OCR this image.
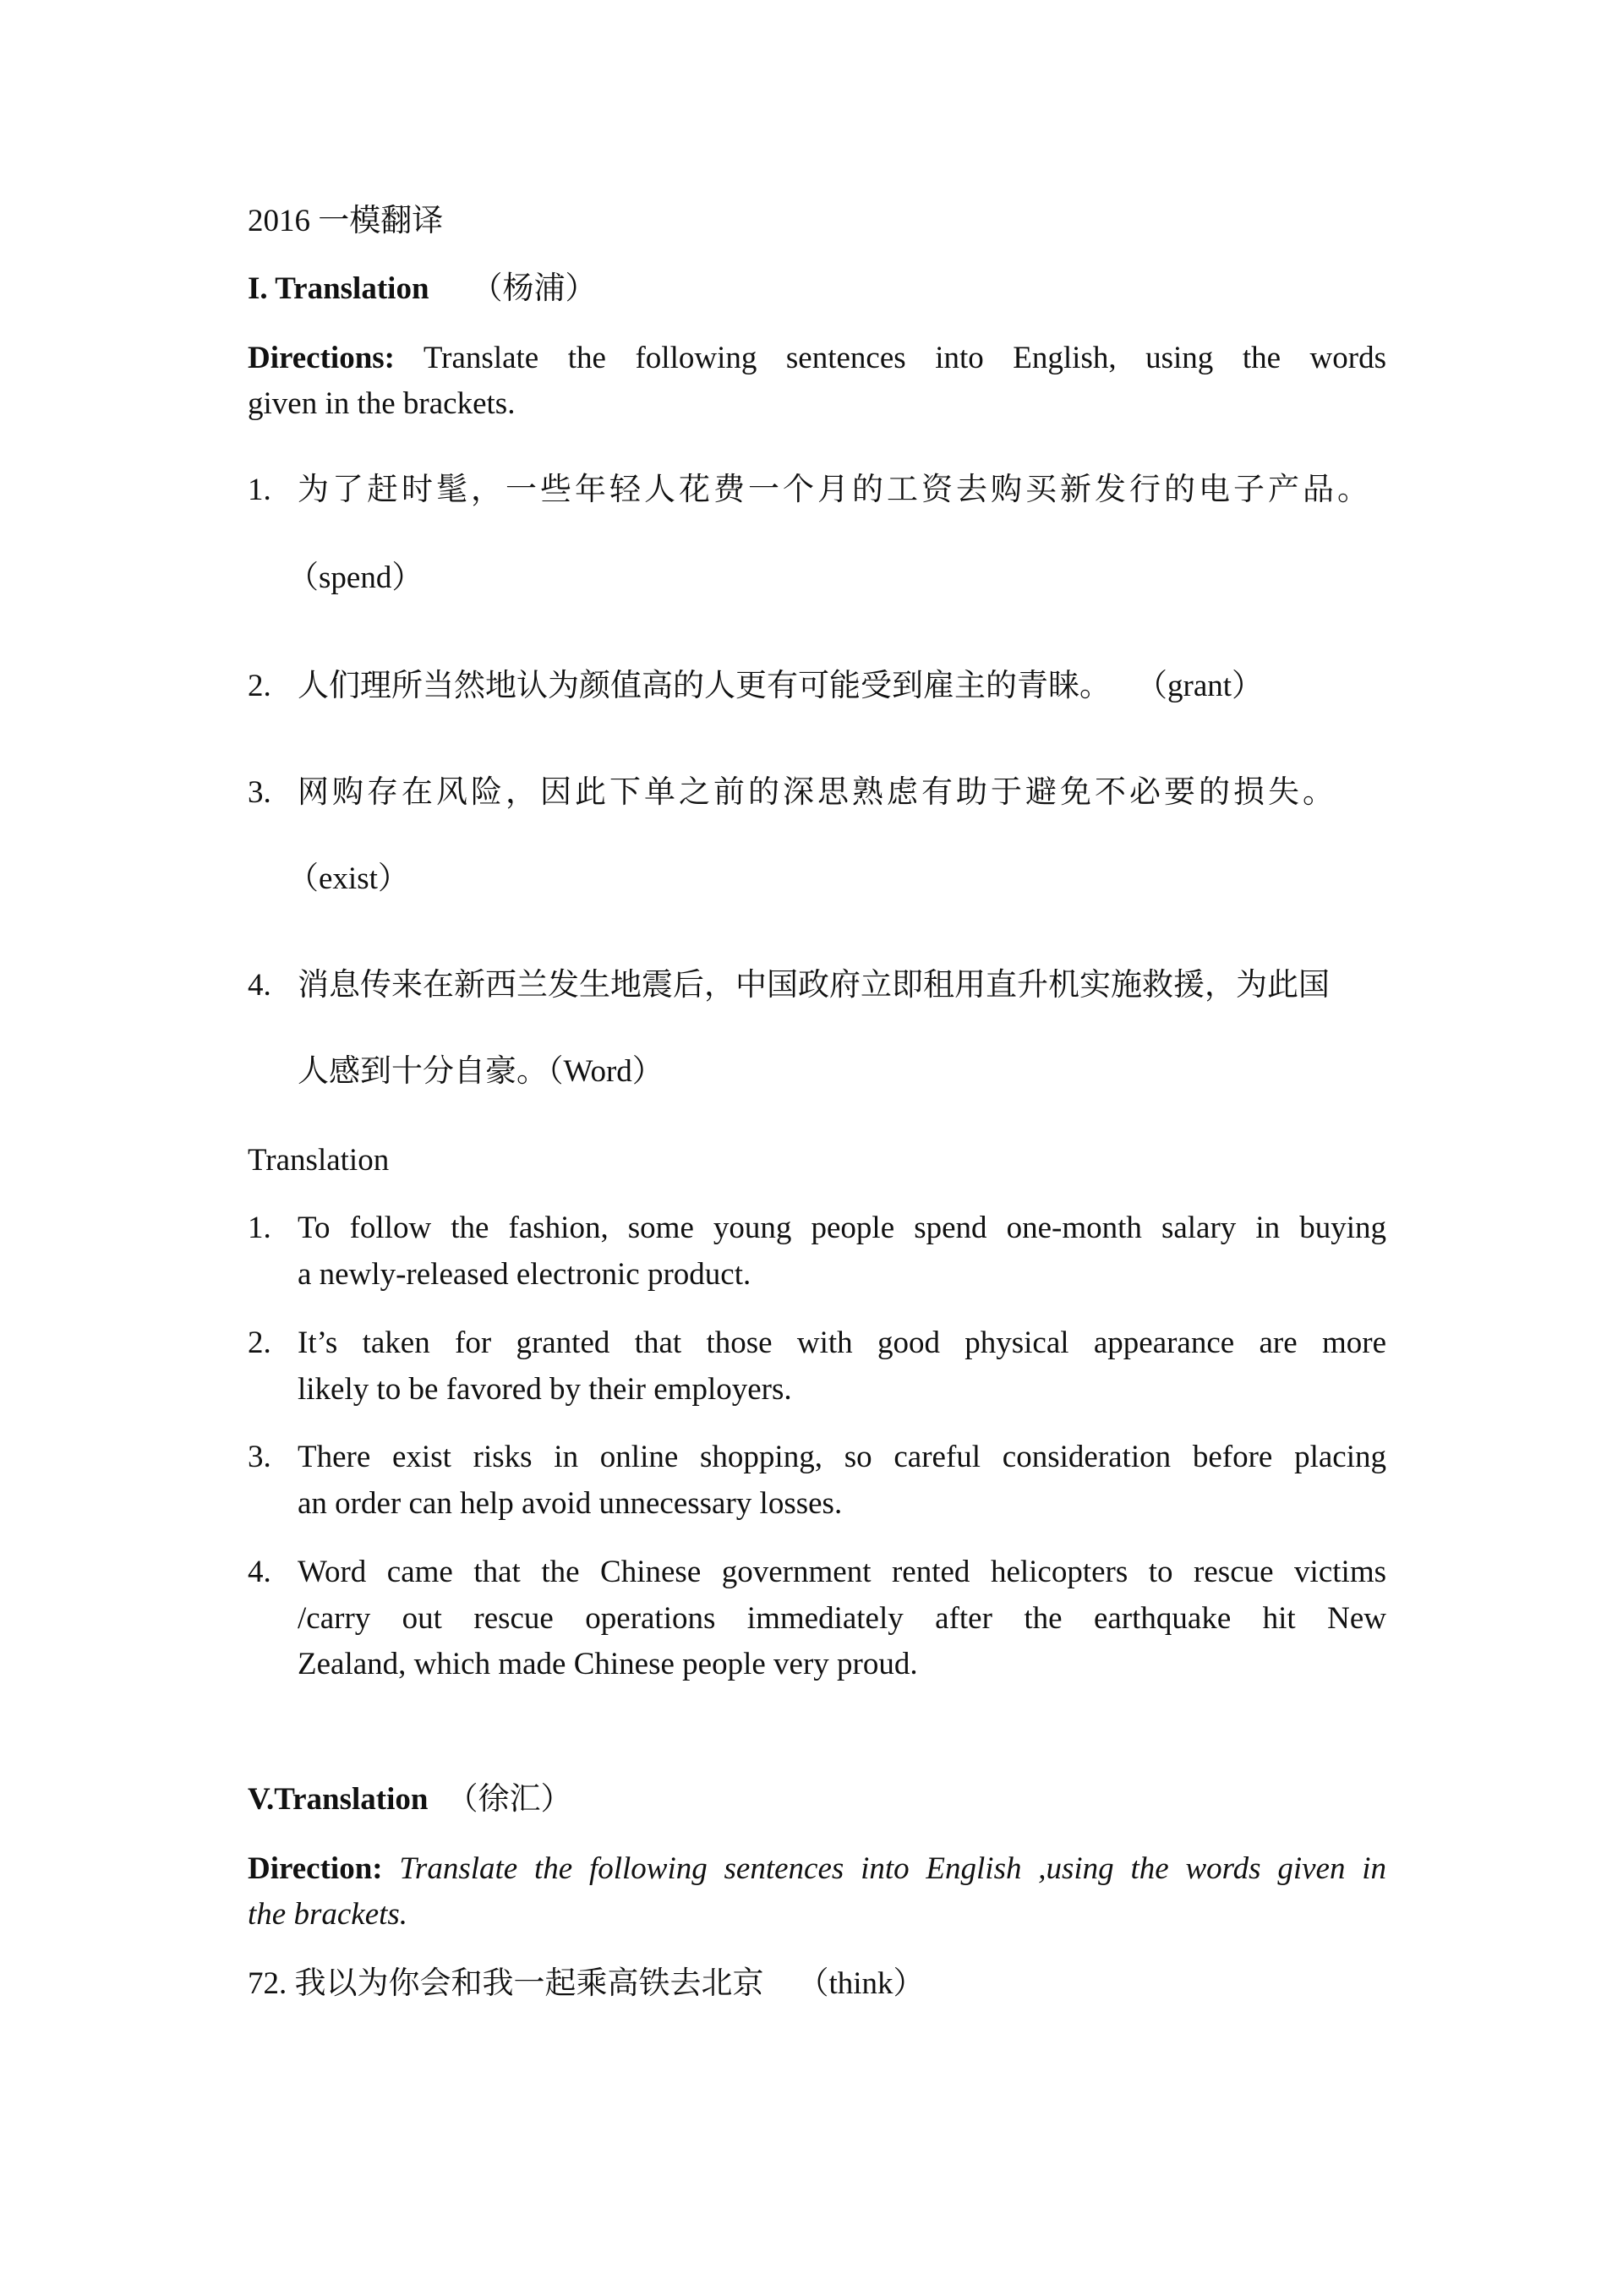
2016 一模翻译
I. Translation （杨浦）
Directions: Translate the following sentences into English, using the words
given in the brackets.
1. 为了赶时髦，一些年轻人花费一个月的工资去购买新发行的电子产品。
（spend）
2. 人们理所当然地认为颜值高的人更有可能受到雇主的青睐。 （grant）
3. 网购存在风险，因此下单之前的深思熟虑有助于避免不必要的损失。
（exist）
4. 消息传来在新西兰发生地震后，中国政府立即租用直升机实施救援，为此国
人感到十分自豪。（Word）
Translation
1. To follow the fashion, some young people spend one-month salary in buying
a newly-released electronic product.
2. It’s taken for granted that those with good physical appearance are more
likely to be favored by their employers.
3. There exist risks in online shopping, so careful consideration before placing
an order can help avoid unnecessary losses.
4. Word came that the Chinese government rented helicopters to rescue victims
/carry out rescue operations immediately after the earthquake hit New
Zealand, which made Chinese people very proud.
V.Translation （徐汇）
Direction: Translate the following sentences into English ,using the words given in
the brackets.
72. 我以为你会和我一起乘高铁去北京 （think）
